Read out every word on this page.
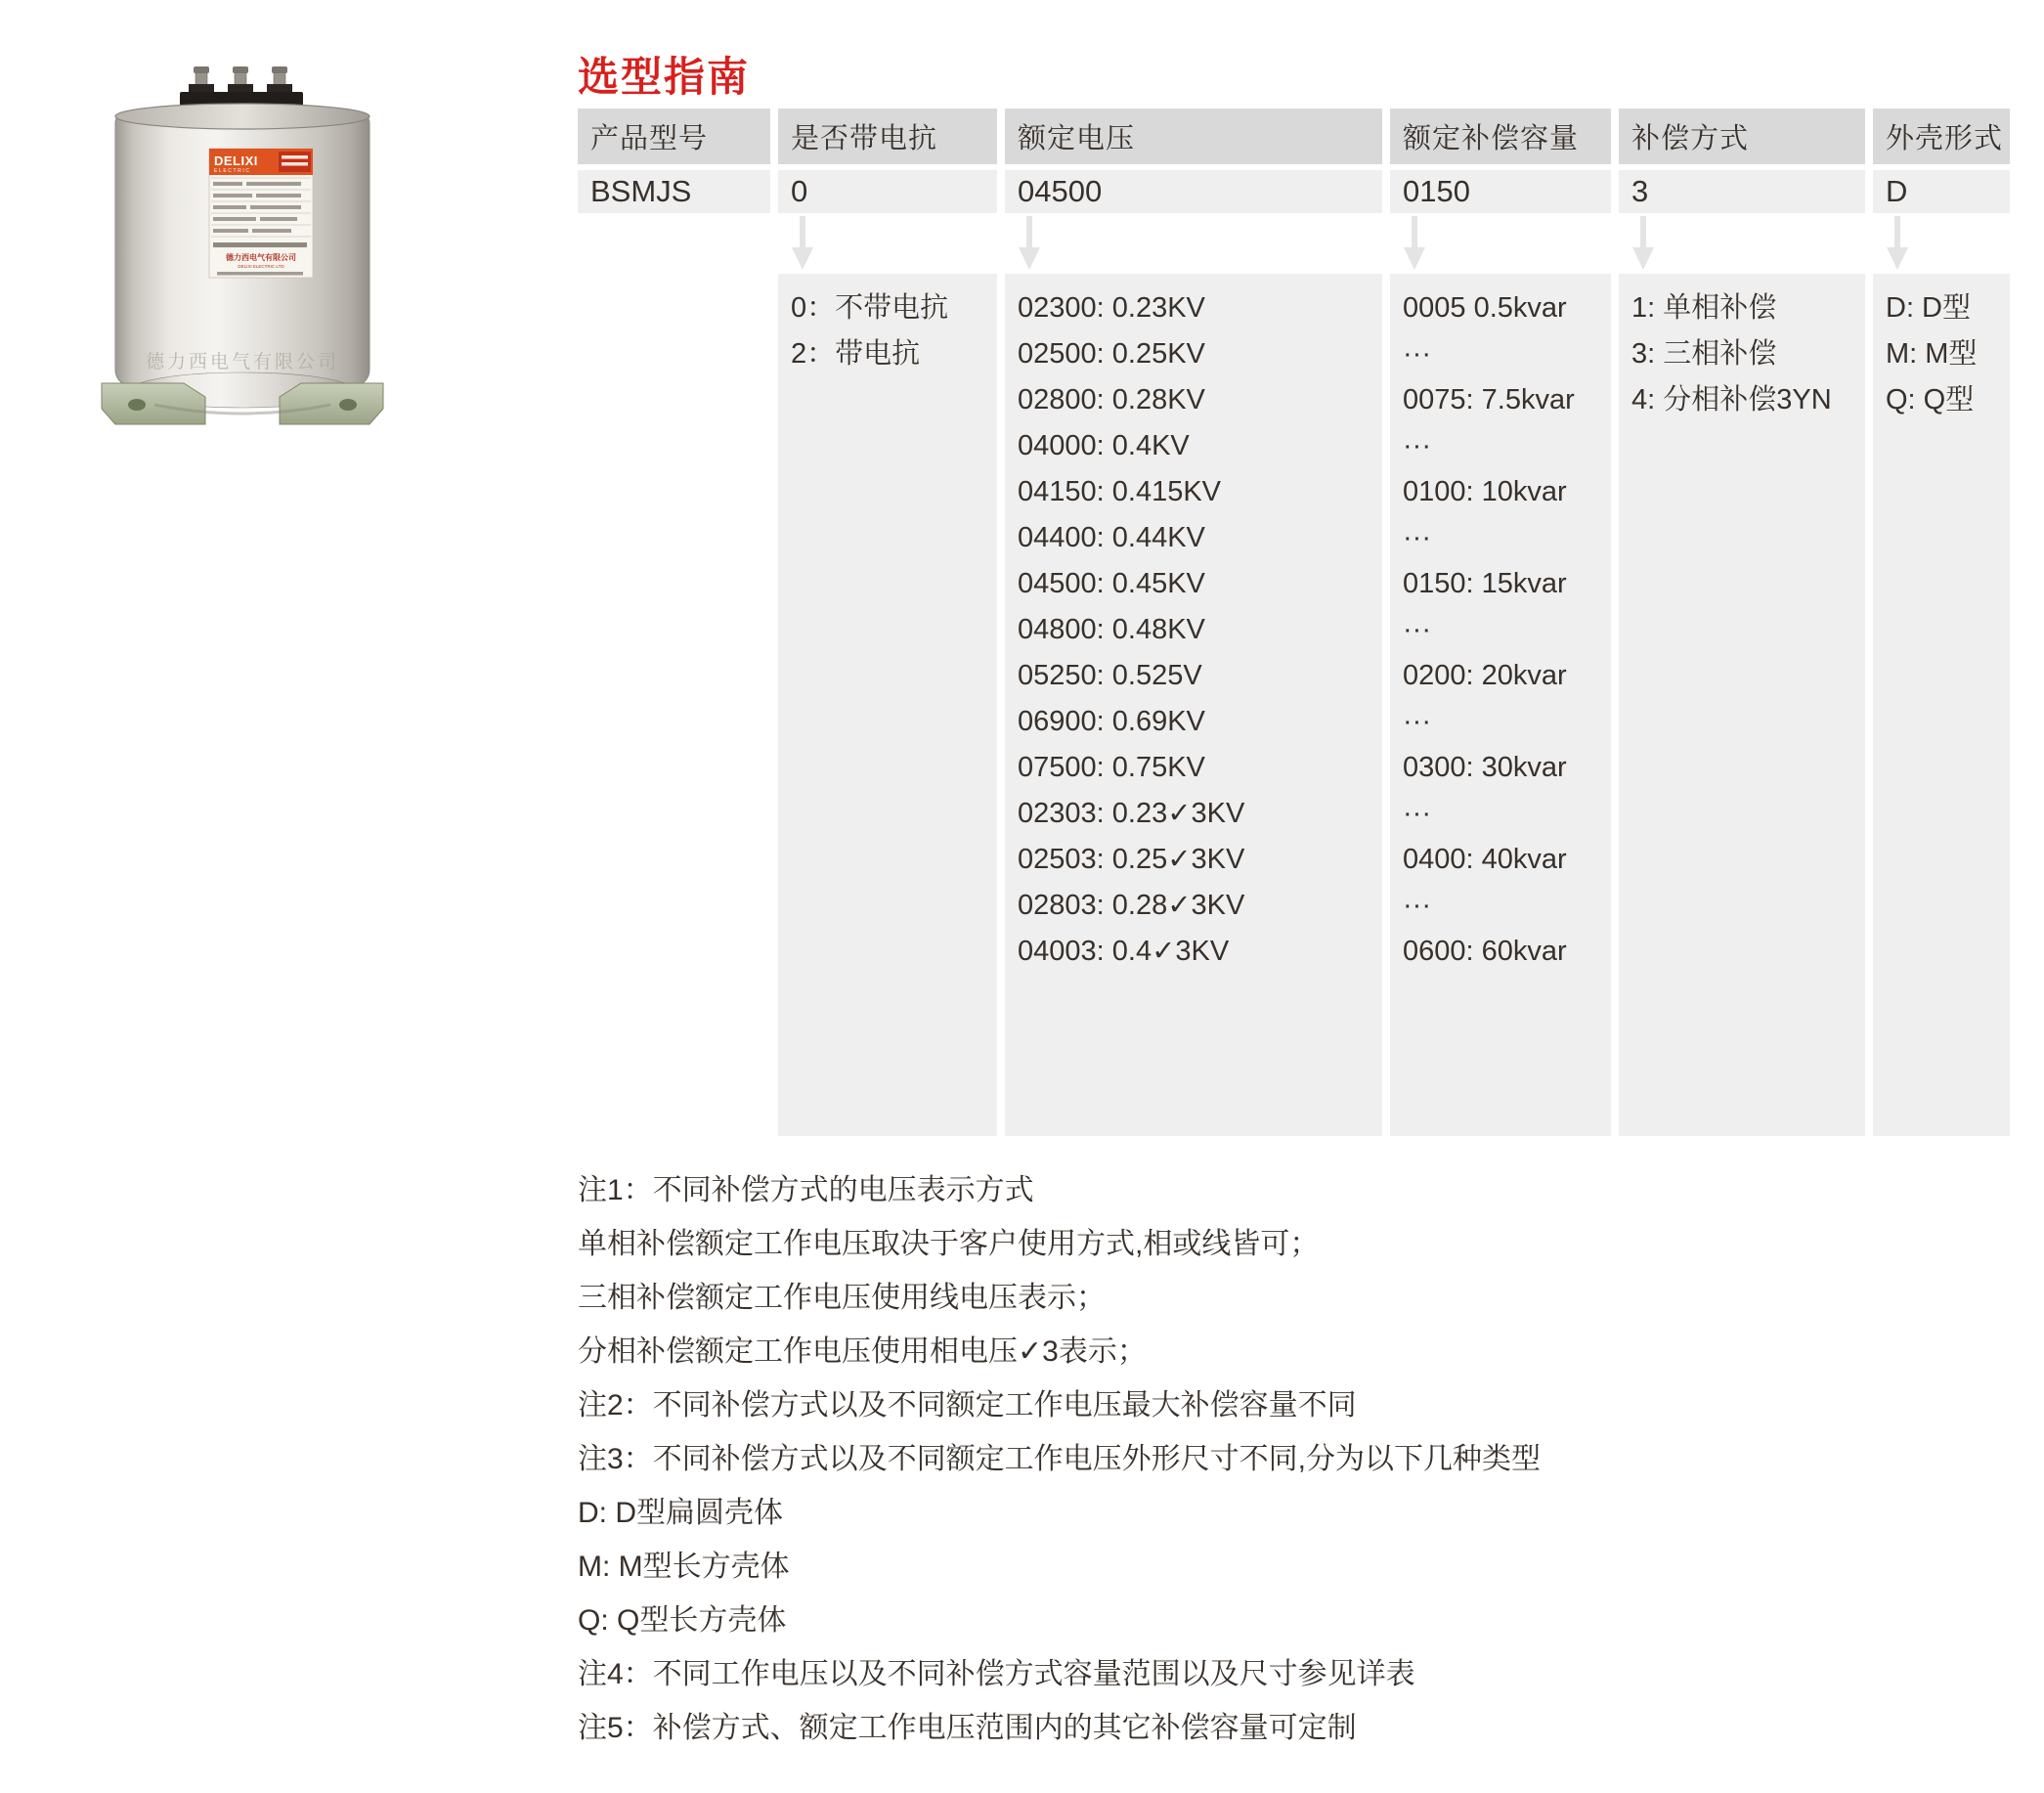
德力西电气有限公司
DELIXI
ELECTRIC
德力西电气有限公司
DELIXI ELECTRIC LTD
选型指南
产品型号	是否带电抗	额定电压	额定补偿容量	补偿方式	外壳形式
BSMJS	0	04500	0150	3	D
0：不带电抗
2：带电抗
02300: 0.23KV
02500: 0.25KV
02800: 0.28KV
04000: 0.4KV
04150: 0.415KV
04400: 0.44KV
04500: 0.45KV
04800: 0.48KV
05250: 0.525V
06900: 0.69KV
07500: 0.75KV
02303: 0.23✓3KV
02503: 0.25✓3KV
02803: 0.28✓3KV
04003: 0.4✓3KV
0005 0.5kvar
···
0075: 7.5kvar
···
0100: 10kvar
···
0150: 15kvar
···
0200: 20kvar
···
0300: 30kvar
···
0400: 40kvar
···
0600: 60kvar
1: 单相补偿
3: 三相补偿
4: 分相补偿3YN
D: D型
M: M型
Q: Q型
注1：不同补偿方式的电压表示方式
单相补偿额定工作电压取决于客户使用方式,相或线皆可；
三相补偿额定工作电压使用线电压表示；
分相补偿额定工作电压使用相电压✓3表示；
注2：不同补偿方式以及不同额定工作电压最大补偿容量不同
注3：不同补偿方式以及不同额定工作电压外形尺寸不同,分为以下几种类型
D: D型扁圆壳体
M: M型长方壳体
Q: Q型长方壳体
注4：不同工作电压以及不同补偿方式容量范围以及尺寸参见详表
注5：补偿方式、额定工作电压范围内的其它补偿容量可定制
